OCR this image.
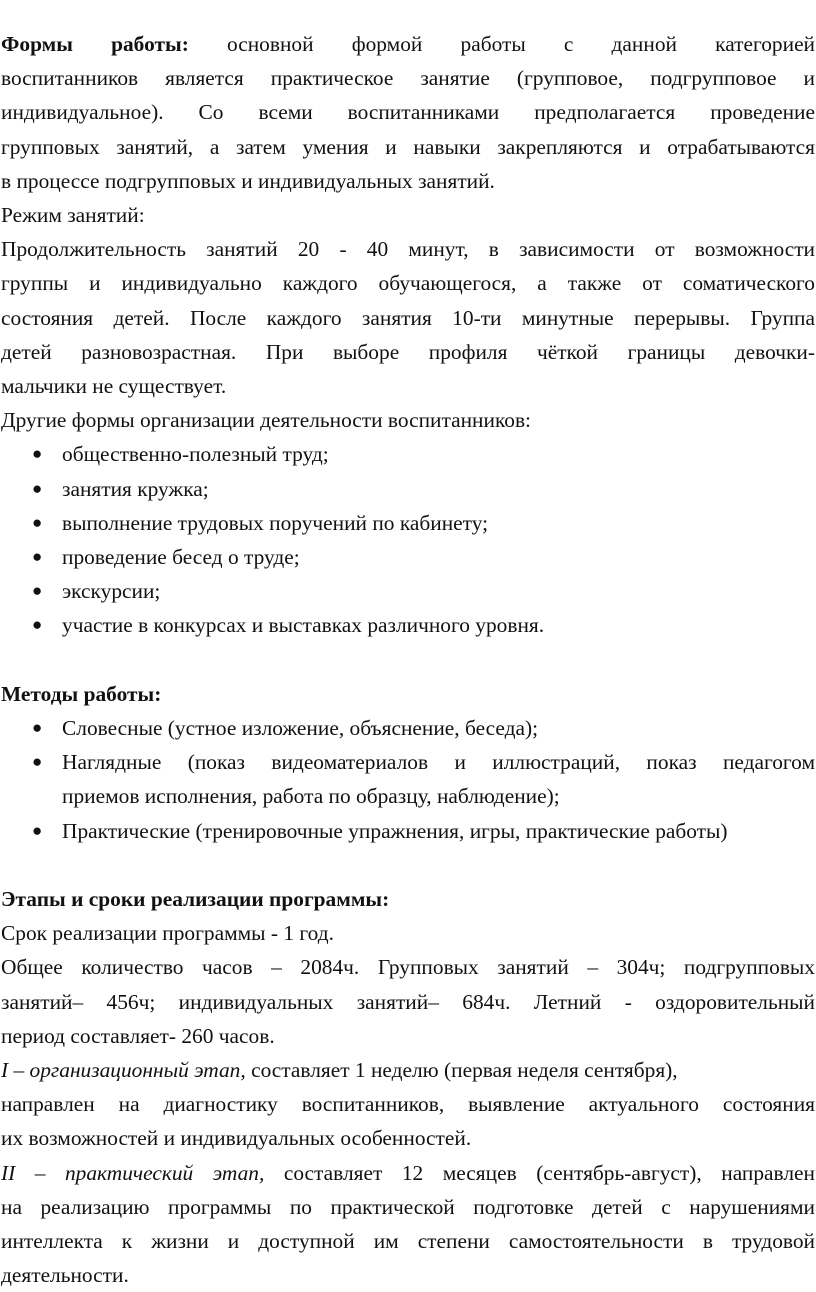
Формы работы: основной формой работы с данной категорией

воспитанников является практическое занятие (групповое, подгрупповое и

индивидуальное). Со всеми воспитанниками предполагается проведение

групповых занятий, а затем умения и навыки закрепляются и отрабатываются

в процессе подгрупповых и индивидуальных занятий.

Режим занятий:

Продолжительность занятий 20 - 40 минут, в зависимости от возможности

группы и индивидуально каждого обучающегося, а также от соматического

состояния детей. После каждого занятия 10-ти минутные перерывы. Группа

детей разновозрастная. При выборе профиля чёткой границы девочки-

мальчики не существует.

Другие формы организации деятельности воспитанников:

● общественно-полезный труд;
● занятия кружка;
● выполнение трудовых поручений по кабинету;
● проведение бесед о труде;
● экскурсии;
● участие в конкурсах и выставках различного уровня.

Методы работы:

● Словесные (устное изложение, объяснение, беседа);
● Наглядные (показ видеоматериалов и иллюстраций, показ педагогом
приемов исполнения, работа по образцу, наблюдение);
● Практические (тренировочные упражнения, игры, практические работы)

Этапы и сроки реализации программы:

Срок реализации программы - 1 год.

Общее количество часов – 2084ч. Групповых занятий – 304ч; подгрупповых

занятий– 456ч; индивидуальных занятий– 684ч. Летний - оздоровительный

период составляет- 260 часов.

I – организационный этап, составляет 1 неделю (первая неделя сентября),

направлен на диагностику воспитанников, выявление актуального состояния

их возможностей и индивидуальных особенностей.

II – практический этап, составляет 12 месяцев (сентябрь-август), направлен

на реализацию программы по практической подготовке детей с нарушениями

интеллекта к жизни и доступной им степени самостоятельности в трудовой

деятельности.
